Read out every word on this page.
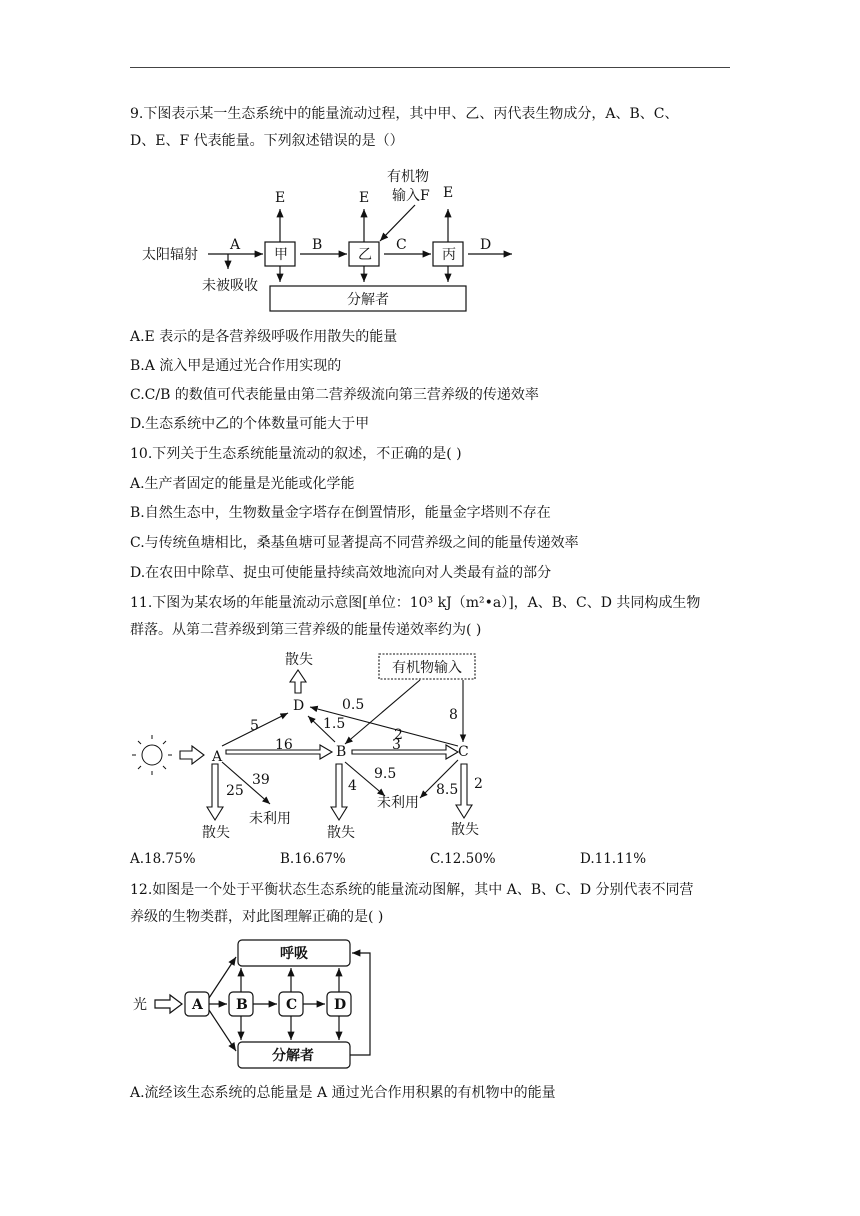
9.下图表示某一生态系统中的能量流动过程，其中甲、乙、丙代表生物成分，A、B、C、
D、E、F 代表能量。下列叙述错误的是（）
太阳辐射
未被吸收
甲	乙	丙
分解者
A	B	C	D
E	E	E
有机物
输入F
A.E 表示的是各营养级呼吸作用散失的能量
B.A 流入甲是通过光合作用实现的
C.C/B 的数值可代表能量由第二营养级流向第三营养级的传递效率
D.生态系统中乙的个体数量可能大于甲
10.下列关于生态系统能量流动的叙述，不正确的是( )
A.生产者固定的能量是光能或化学能
B.自然生态中，生物数量金字塔存在倒置情形，能量金字塔则不存在
C.与传统鱼塘相比，桑基鱼塘可显著提高不同营养级之间的能量传递效率
D.在农田中除草、捉虫可使能量持续高效地流向对人类最有益的部分
11.下图为某农场的年能量流动示意图[单位：10³ kJ（m²•a）]，A、B、C、D 共同构成生物
群落。从第二营养级到第三营养级的能量传递效率约为( )
散失	有机物输入
D
A	B	C
5
16
0.5
2
8
1.5
3
39
25	4
9.5
8.5 2
未利用
未利用
散失	散失	散失
A.18.75%	B.16.67%	C.12.50%	D.11.11%
12.如图是一个处于平衡状态生态系统的能量流动图解，其中 A、B、C、D 分别代表不同营
养级的生物类群，对此图理解正确的是( )
光
呼吸
分解者
A B	C	D
A.流经该生态系统的总能量是 A 通过光合作用积累的有机物中的能量
